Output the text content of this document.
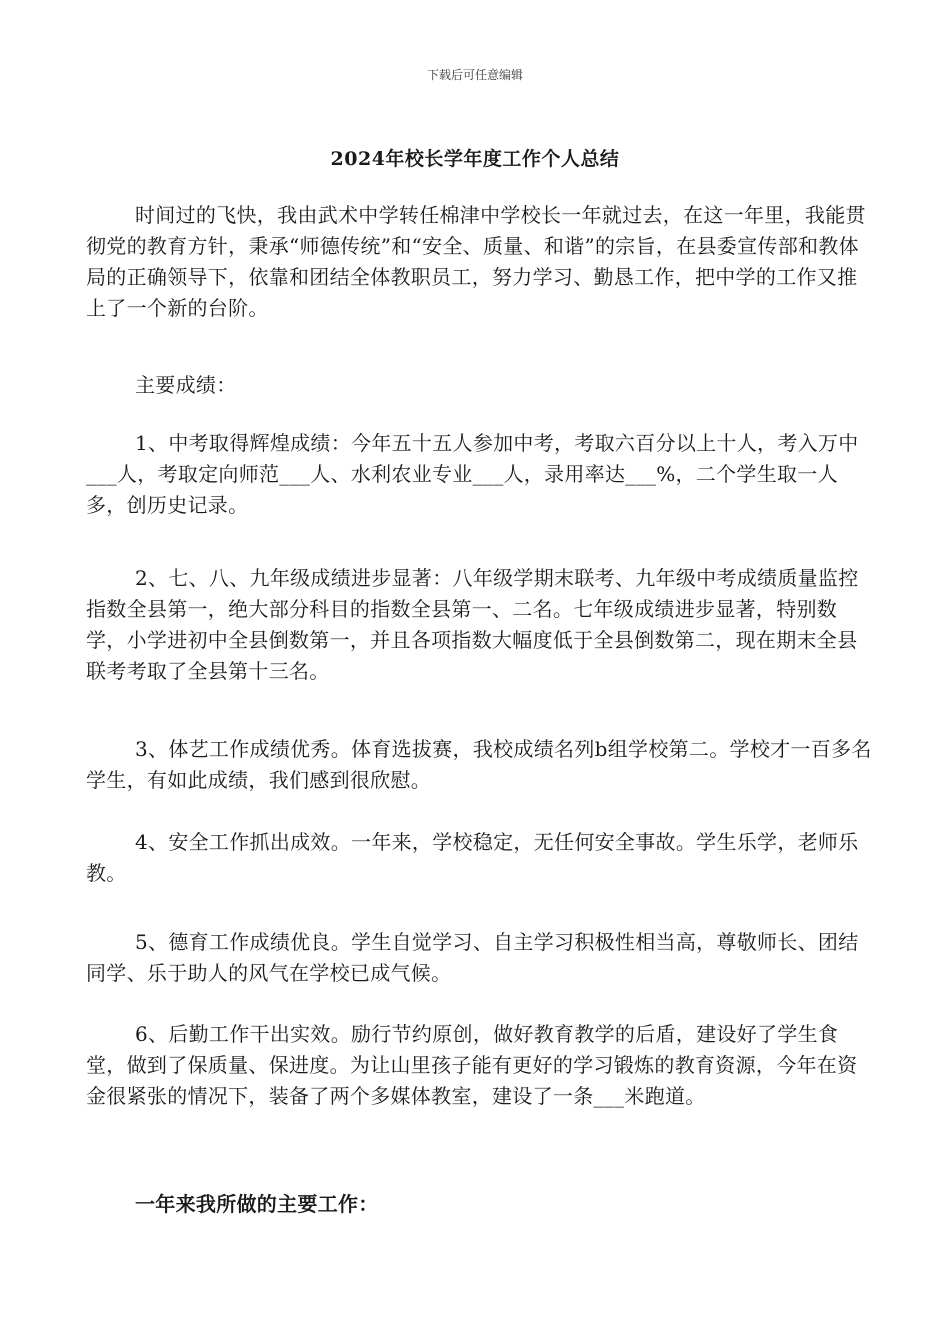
下载后可任意编辑
2024年校长学年度工作个人总结

时间过的飞快，我由武术中学转任棉津中学校长一年就过去，在这一年里，我能贯彻党的教育方针，秉承“师德传统”和“安全、质量、和谐”的宗旨，在县委宣传部和教体局的正确领导下，依靠和团结全体教职员工，努力学习、勤恳工作，把中学的工作又推上了一个新的台阶。

主要成绩：

1、中考取得辉煌成绩：今年五十五人参加中考，考取六百分以上十人，考入万中___人，考取定向师范___人、水利农业专业___人，录用率达___%，二个学生取一人多，创历史记录。

2、七、八、九年级成绩进步显著：八年级学期末联考、九年级中考成绩质量监控指数全县第一，绝大部分科目的指数全县第一、二名。七年级成绩进步显著，特别数学，小学进初中全县倒数第一，并且各项指数大幅度低于全县倒数第二，现在期末全县联考考取了全县第十三名。

3、体艺工作成绩优秀。体育选拔赛，我校成绩名列b组学校第二。学校才一百多名学生，有如此成绩，我们感到很欣慰。

4、安全工作抓出成效。一年来，学校稳定，无任何安全事故。学生乐学，老师乐教。

5、德育工作成绩优良。学生自觉学习、自主学习积极性相当高，尊敬师长、团结同学、乐于助人的风气在学校已成气候。

6、后勤工作干出实效。励行节约原创，做好教育教学的后盾，建设好了学生食堂，做到了保质量、保进度。为让山里孩子能有更好的学习锻炼的教育资源，今年在资金很紧张的情况下，装备了两个多媒体教室，建设了一条___米跑道。

一年来我所做的主要工作：
